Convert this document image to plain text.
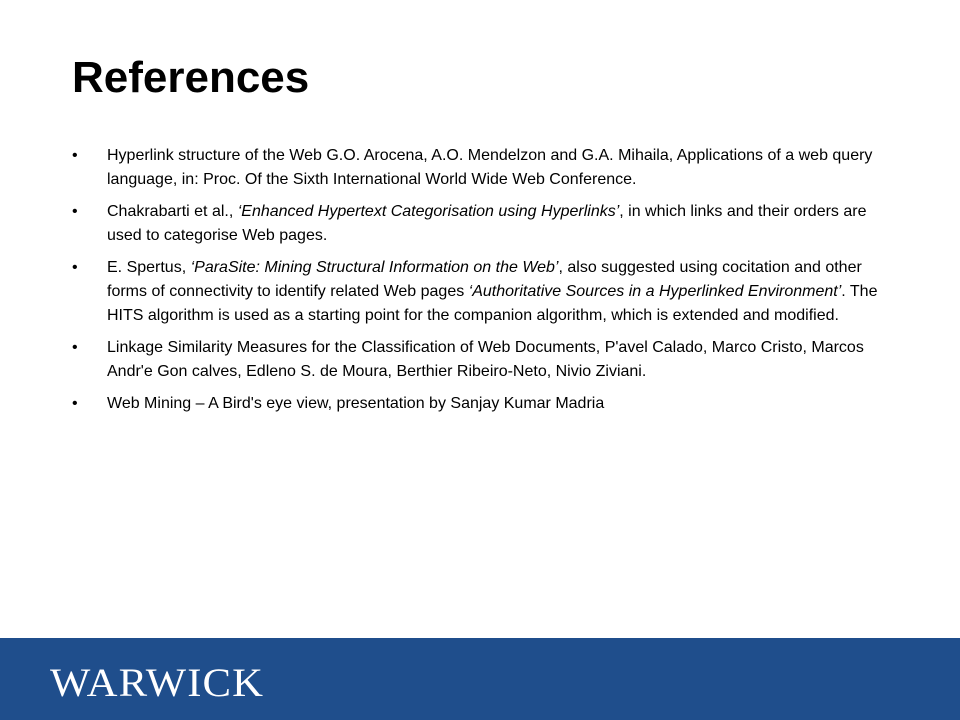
References
• Hyperlink structure of the Web G.O. Arocena, A.O. Mendelzon and G.A. Mihaila, Applications of a web query language, in: Proc. Of the Sixth International World Wide Web Conference.
• Chakrabarti et al., ‘Enhanced Hypertext Categorisation using Hyperlinks’, in which links and their orders are used to categorise Web pages.
• E. Spertus, ‘ParaSite: Mining Structural Information on the Web’, also suggested using cocitation and other forms of connectivity to identify related Web pages ‘Authoritative Sources in a Hyperlinked Environment’. The HITS algorithm is used as a starting point for the companion algorithm, which is extended and modified.
• Linkage Similarity Measures for the Classification of Web Documents, P'avel Calado, Marco Cristo, Marcos Andr'e Gon calves, Edleno S. de Moura, Berthier Ribeiro-Neto, Nivio Ziviani.
• Web Mining – A Bird's eye view, presentation by Sanjay Kumar Madria
WARWICK
